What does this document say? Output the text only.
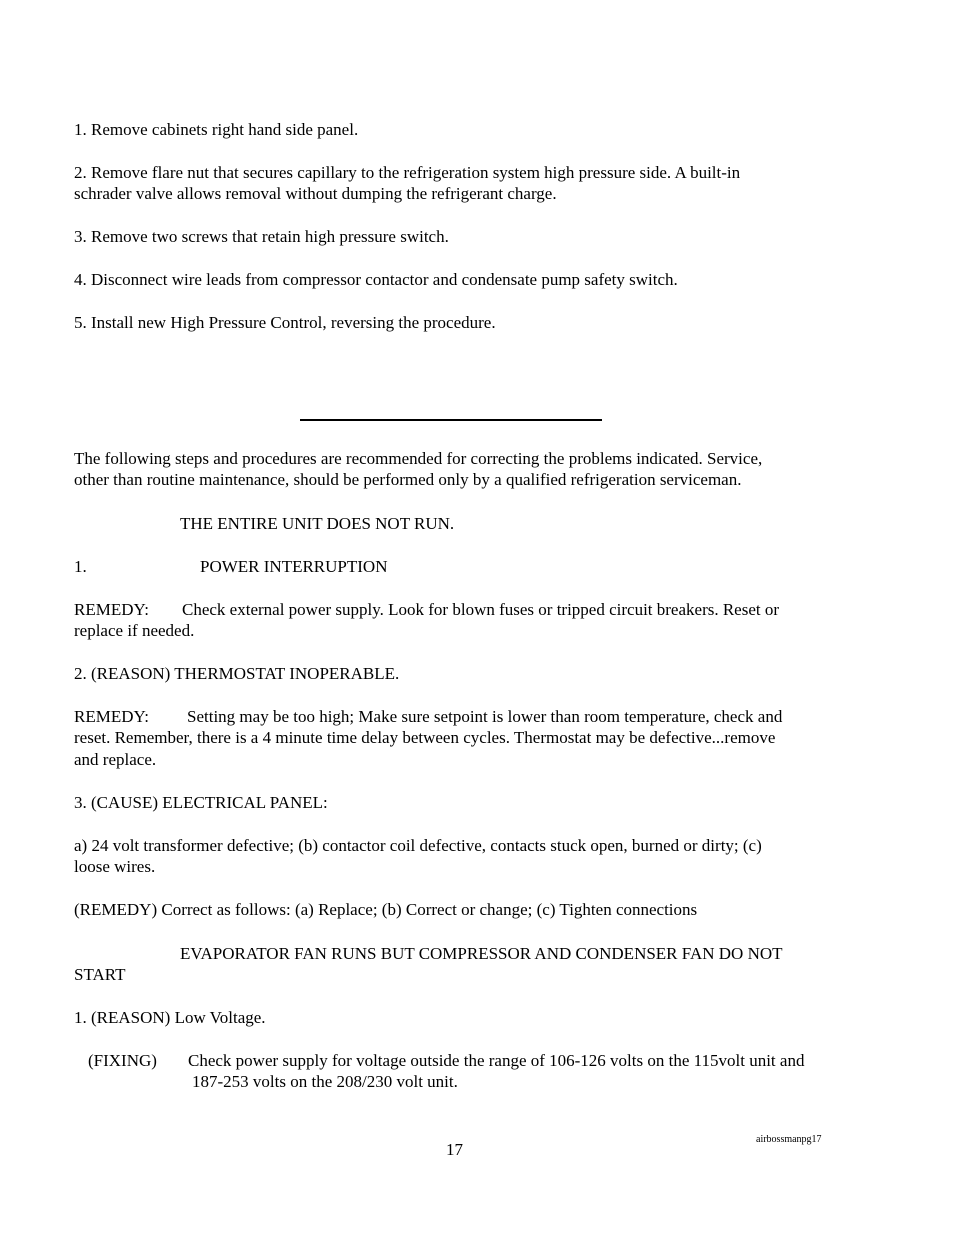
1. Remove cabinets right hand side panel.
2. Remove flare nut that secures capillary to the refrigeration system high pressure side. A built-in
schrader valve allows removal without dumping the refrigerant charge.
3. Remove two screws that retain high pressure switch.
4. Disconnect wire leads from compressor contactor and condensate pump safety switch.
5. Install new High Pressure Control, reversing the procedure.
The following steps and procedures are recommended for correcting the problems indicated. Service,
other than routine maintenance, should be performed only by a qualified refrigeration serviceman.
THE ENTIRE UNIT DOES NOT RUN.
1.	POWER INTERRUPTION
REMEDY: Check external power supply. Look for blown fuses or tripped circuit breakers. Reset or
replace if needed.
2. (REASON) THERMOSTAT INOPERABLE.
REMEDY: Setting may be too high; Make sure setpoint is lower than room temperature, check and
reset. Remember, there is a 4 minute time delay between cycles. Thermostat may be defective...remove
and replace.
3. (CAUSE) ELECTRICAL PANEL:
a) 24 volt transformer defective; (b) contactor coil defective, contacts stuck open, burned or dirty; (c)
loose wires.
(REMEDY) Correct as follows: (a) Replace; (b) Correct or change; (c) Tighten connections
EVAPORATOR FAN RUNS BUT COMPRESSOR AND CONDENSER FAN DO NOT
START
1. (REASON) Low Voltage.
(FIXING) Check power supply for voltage outside the range of 106-126 volts on the 115volt unit and
187-253 volts on the 208/230 volt unit.
17
airbossmanpg17
